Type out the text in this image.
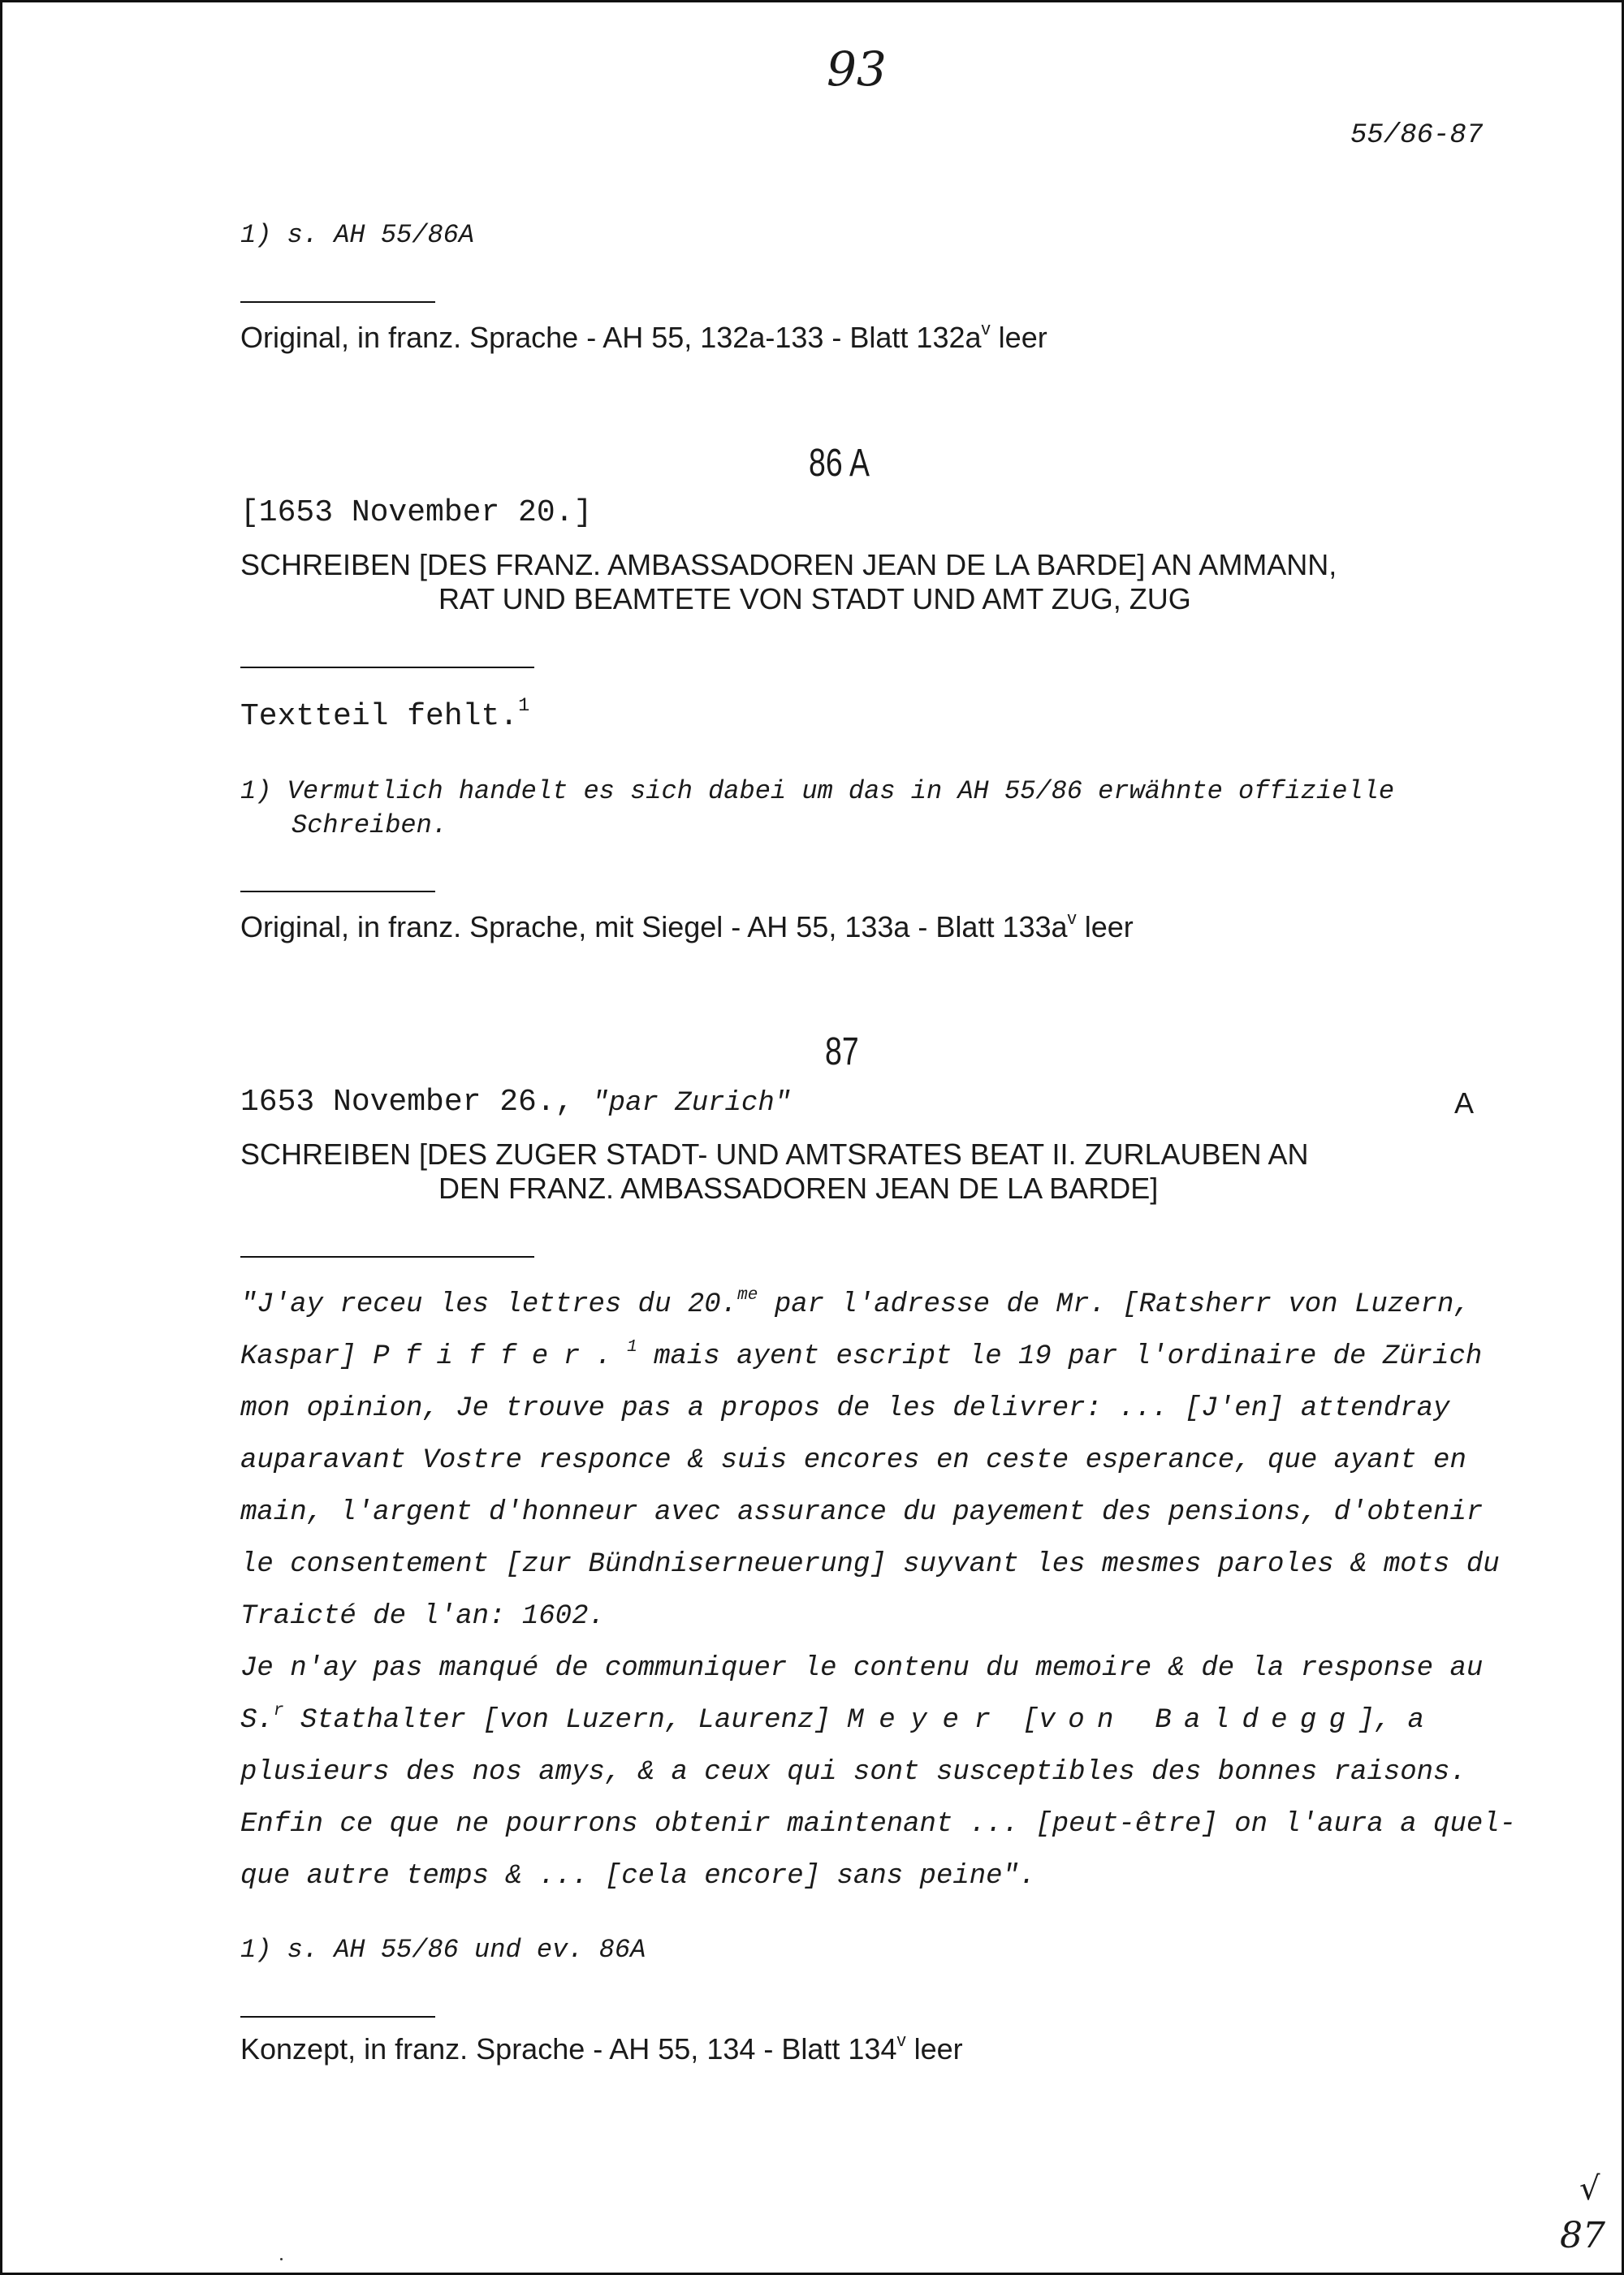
93
55/86-87
1) s. AH 55/86A
Original, in franz. Sprache - AH 55, 132a-133 - Blatt $132a^v$ leer
86 A
[1653 November 20.]
SCHREIBEN [DES FRANZ. AMBASSADOREN JEAN DE LA BARDE] AN AMMANN,
RAT UND BEAMTETE VON STADT UND AMT ZUG, ZUG
Textteil fehlt.$^1$
1) Vermutlich handelt es sich dabei um das in AH 55/86 erwähnte offizielle
Schreiben.
Original, in franz. Sprache, mit Siegel - AH 55, 133a - Blatt $133a^v$ leer
87
1653 November 26., "par Zurich"	A
SCHREIBEN [DES ZUGER STADT- UND AMTSRATES BEAT II. ZURLAUBEN AN
DEN FRANZ. AMBASSADOREN JEAN DE LA BARDE]
"J'ay receu les lettres du 20.$^{me}$ par l'adresse de Mr. [Ratsherr von Luzern,
Kaspar] Pfiffer.$^1$ mais ayent escript le 19 par l'ordinaire de Zürich
mon opinion, Je trouve pas a propos de les delivrer: ... [J'en] attendray
auparavant Vostre responce & suis encores en ceste esperance, que ayant en
main, l'argent d'honneur avec assurance du payement des pensions, d'obtenir
le consentement [zur Bündniserneuerung] suyvant les mesmes paroles & mots du
Traicté de l'an: 1602.
Je n'ay pas manqué de communiquer le contenu du memoire & de la response au
S.$^r$ Stathalter [von Luzern, Laurenz] Meyer [von Baldegg], a
plusieurs des nos amys, & a ceux qui sont susceptibles des bonnes raisons.
Enfin ce que ne pourrons obtenir maintenant ... [peut-être] on l'aura a quel-
que autre temps & ... [cela encore] sans peine".
1) s. AH 55/86 und ev. 86A
Konzept, in franz. Sprache - AH 55, 134 - Blatt 134$^v$ leer
√
87
